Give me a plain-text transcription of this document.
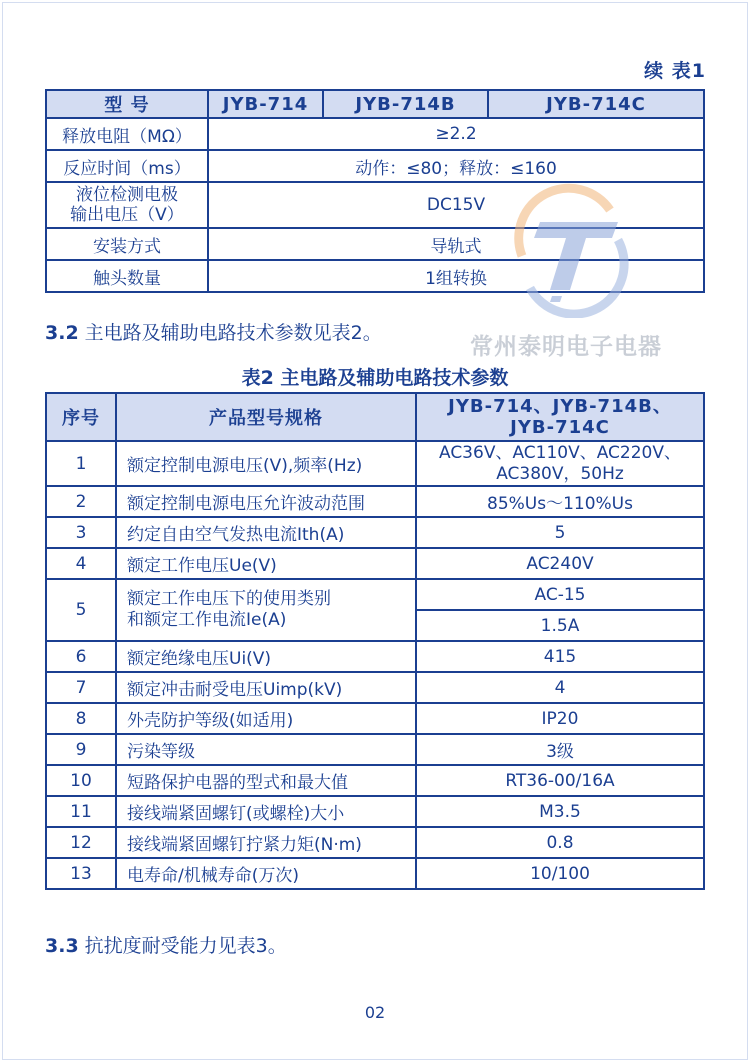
续 表1
型 号	JYB-714	JYB-714B	JYB-714C
释放电阻（MΩ）	≥2.2		
反应时间（ms）	动作：≤80；释放：≤160		

液位检测电极
输出电压（V）	DC15V		
安装方式	导轨式		
触头数量	1组转换		
常州泰明电子电器
3.2 主电路及辅助电路技术参数见表2。
表2 主电路及辅助电路技术参数
序号	产品型号规格	JYB-714、JYB-714B、
JYB-714C

1	额定控制电源电压(V),频率(Hz)	AC36V、AC110V、AC220V、
AC380V，50Hz

2	额定控制电源电压允许波动范围	85%Us～110%Us
3	约定自由空气发热电流Ith(A)	5
4	额定工作电压Ue(V)	AC240V
5	额定工作电压下的使用类别
和额定工作电流Ie(A)	AC-15
		1.5A
6	额定绝缘电压Ui(V)	415
7	额定冲击耐受电压Uimp(kV)	4
8	外壳防护等级(如适用)	IP20
9	污染等级	3级
10	短路保护电器的型式和最大值	RT36-00/16A
11	接线端紧固螺钉(或螺栓)大小	M3.5
12	接线端紧固螺钉拧紧力矩(N·m)	0.8
13	电寿命/机械寿命(万次)	10/100
3.3 抗扰度耐受能力见表3。
02
